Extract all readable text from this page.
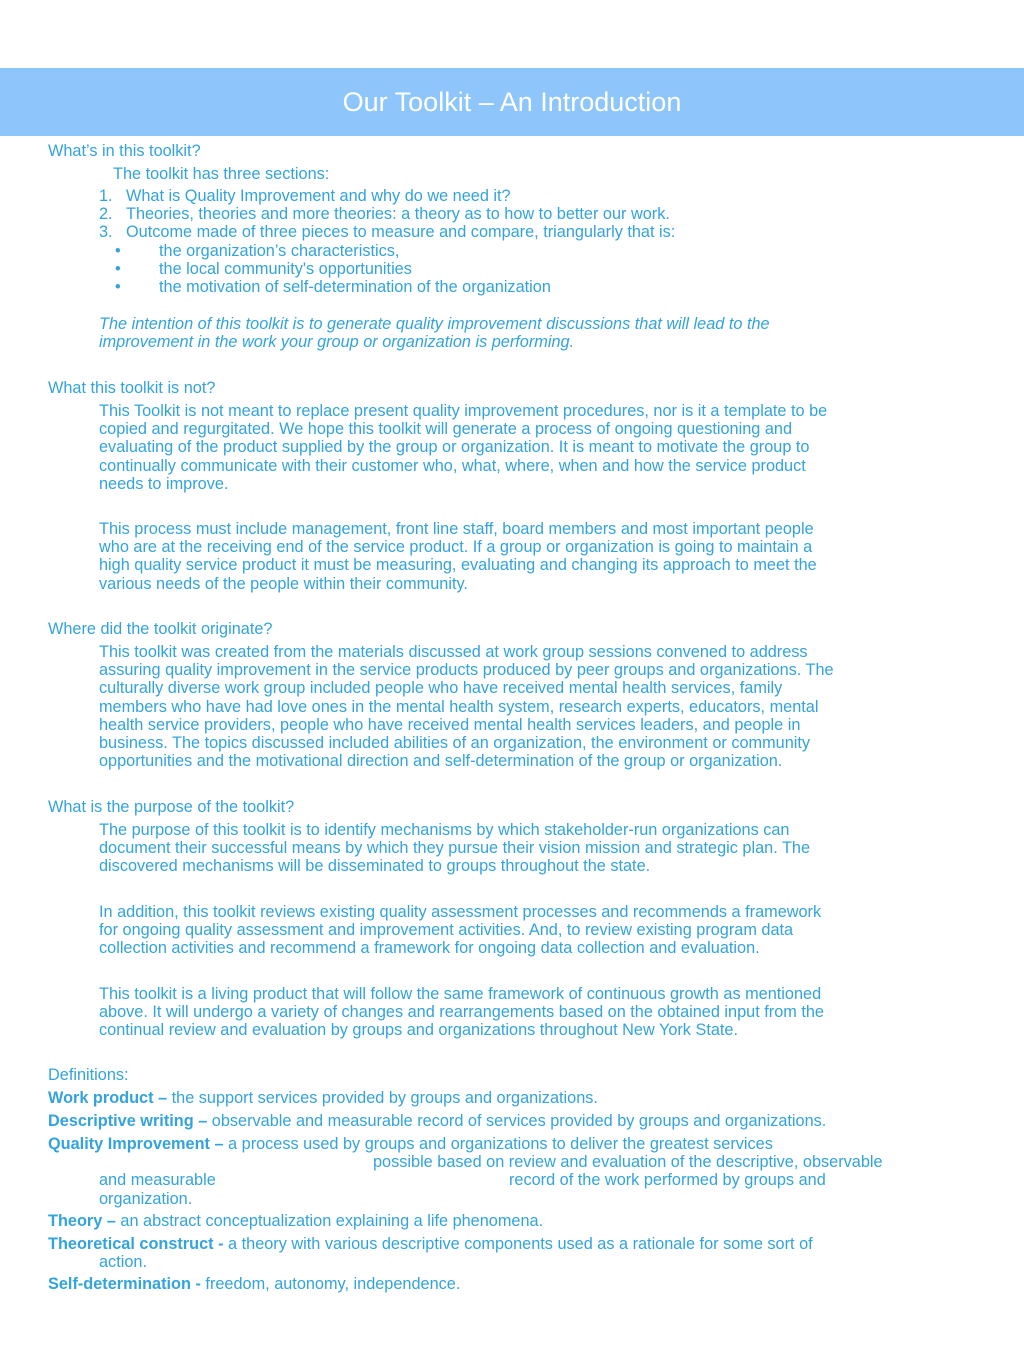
Our Toolkit – An Introduction
What’s in this toolkit?
The toolkit has three sections:
1. What is Quality Improvement and why do we need it?
2. Theories, theories and more theories: a theory as to how to better our work.
3. Outcome made of three pieces to measure and compare, triangularly that is:
• the organization’s characteristics,
• the local community's opportunities
• the motivation of self-determination of the organization
The intention of this toolkit is to generate quality improvement discussions that will lead to the
improvement in the work your group or organization is performing.
What this toolkit is not?
This Toolkit is not meant to replace present quality improvement procedures, nor is it a template to be
copied and regurgitated. We hope this toolkit will generate a process of ongoing questioning and
evaluating of the product supplied by the group or organization. It is meant to motivate the group to
continually communicate with their customer who, what, where, when and how the service product
needs to improve.
This process must include management, front line staff, board members and most important people
who are at the receiving end of the service product. If a group or organization is going to maintain a
high quality service product it must be measuring, evaluating and changing its approach to meet the
various needs of the people within their community.
Where did the toolkit originate?
This toolkit was created from the materials discussed at work group sessions convened to address
assuring quality improvement in the service products produced by peer groups and organizations. The
culturally diverse work group included people who have received mental health services, family
members who have had love ones in the mental health system, research experts, educators, mental
health service providers, people who have received mental health services leaders, and people in
business. The topics discussed included abilities of an organization, the environment or community
opportunities and the motivational direction and self-determination of the group or organization.
What is the purpose of the toolkit?
The purpose of this toolkit is to identify mechanisms by which stakeholder-run organizations can
document their successful means by which they pursue their vision mission and strategic plan. The
discovered mechanisms will be disseminated to groups throughout the state.
In addition, this toolkit reviews existing quality assessment processes and recommends a framework
for ongoing quality assessment and improvement activities. And, to review existing program data
collection activities and recommend a framework for ongoing data collection and evaluation.
This toolkit is a living product that will follow the same framework of continuous growth as mentioned
above. It will undergo a variety of changes and rearrangements based on the obtained input from the
continual review and evaluation by groups and organizations throughout New York State.
Definitions:
Work product – the support services provided by groups and organizations.
Descriptive writing – observable and measurable record of services provided by groups and organizations.
Quality Improvement – a process used by groups and organizations to deliver the greatest services
possible based on review and evaluation of the descriptive, observable
and measurable	record of the work performed by groups and
organization.
Theory – an abstract conceptualization explaining a life phenomena.
Theoretical construct - a theory with various descriptive components used as a rationale for some sort of
action.
Self-determination - freedom, autonomy, independence.
